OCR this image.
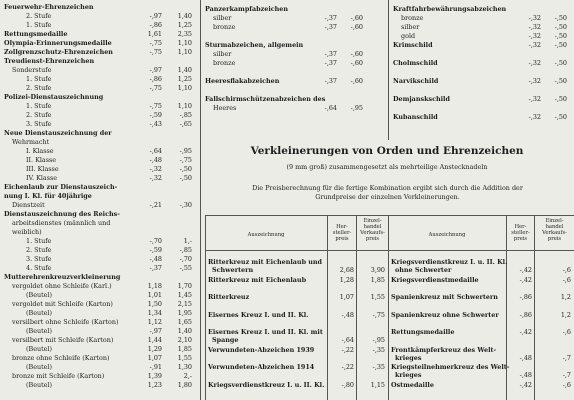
Feuerwehr-Ehrenzeichen
2. Stufe	-,97 1,40
1. Stufe	-,86 1,25
Rettungsmedaille	1,61 2,35
Olympia-Erinnerungsmedaille	-,75 1,10
Zollgrenzschutz-Ehrenzeichen	-,75 1,10
Treudienst-Ehrenzeichen
Sonderstufe	-,97 1,40
1. Stufe	-,86 1,25
2. Stufe	-,75 1,10
Polizei-Dienstauszeichnung
1. Stufe	-,75 1,10
2. Stufe	-,59	-,85
3. Stufe	-,43	-,65
Neue Dienstauszeichnung der
Wehrmacht
I. Klasse	-,64	-,95
II. Klasse	-,48	-,75
III. Klasse	-,32	-,50
IV. Klasse	-,32	-,50
Eichenlaub zur Dienstauszeich-
nung I. Kl. für 40jährige
Dienstzeit	-,21	-,30
Dienstauszeichnung des Reichs-
arbeitsdienstes (männlich und
weiblich)
1. Stufe	-,70	1,-
2. Stufe	-,59	-,85
3. Stufe	-,48	-,70
4. Stufe	-,37	-,55
Mutterehrenkreuzverkleinerung
vergoldet ohne Schleife (Karl.)	1,18 1,70
(Beutel)	1,01 1,45
vergoldet mit Schleife (Karton)	1,50 2,15
(Beutel)	1,34 1,95
versilbert ohne Schleife (Karton)	1,12 1,65
(Beutel)	-,97 1,40
versilbert mit Schleife (Karton)	1,44 2,10
(Beutel)	1,29 1,85
bronze ohne Schleife (Karton)	1,07 1,55
(Beutel)	-,91 1,30
bronze mit Schleife (Karton)	1,39	2,-
(Beutel)	1,23 1,80
Panzerkampfabzeichen
silber	-,37 -,60
bronze	-,37 -,60
Sturmabzeichen, allgemein
silber	-,37 -,60
bronze	-,37 -,60
Heeresflakabzeichen	-,37 -,60
Fallschirmschützenabzeichen des
Heeres	-,64 -,95
Kraftfahrbewährungsabzeichen
bronze	-,32 -,50
silber	-,32 -,50
gold	-,32 -,50
Krimschild	-,32 -,50
Cholmschild	-,32 -,50
Narvikschild	-,32 -,50
Demjanskschild	-,32 -,50
Kubanschild	-,32 -,50
Verkleinerungen von Orden und Ehrenzeichen
(9 mm groß) zusammengesetzt als mehrteilige Anstecknadeln
Die Preisberechnung für die fertige Kombination ergibt sich durch die Addition der
Grundpreise der einzelnen Verkleinerungen.
Auszeichnung
Her-
steller-
preis
Einzel-
handel
Verkaufs-
preis
Auszeichnung
Her-
steller-
preis
Einzel-
handel
Verkaufs-
preis
Ritterkreuz mit Eichenlaub und
Schwertern	2,68	3,90
Ritterkreuz mit Eichenlaub	1,28	1,85
Ritterkreuz	1,07	1,55
Eisernes Kreuz I. und II. Kl.	-,48	-,75
Eisernes Kreuz I. und II. Kl. mit
Spange	-,64	-,95
Verwundeten-Abzeichen 1939	-,22	-,35
Verwundeten-Abzeichen 1914	-,22	-,35
Kriegsverdienstkreuz I. u. II. Kl.	-,80	1,15
Kriegsverdienstkreuz I. u. II. Kl.
ohne Schwerter	-,42	-,6
Kriegsverdienstmedaille	-,42	-,6
Spanienkreuz mit Schwertern	-,86	1,2
Spanienkreuz ohne Schwerter	-,86	1,2
Rettungsmedaille	-,42	-,6
Frontkämpferkreuz des Welt-
krieges	-,48	-,7
Kriegsteilnehmerkreuz des Welt-
krieges	-,48	-,7
Ostmedaille	-,42	-,6
